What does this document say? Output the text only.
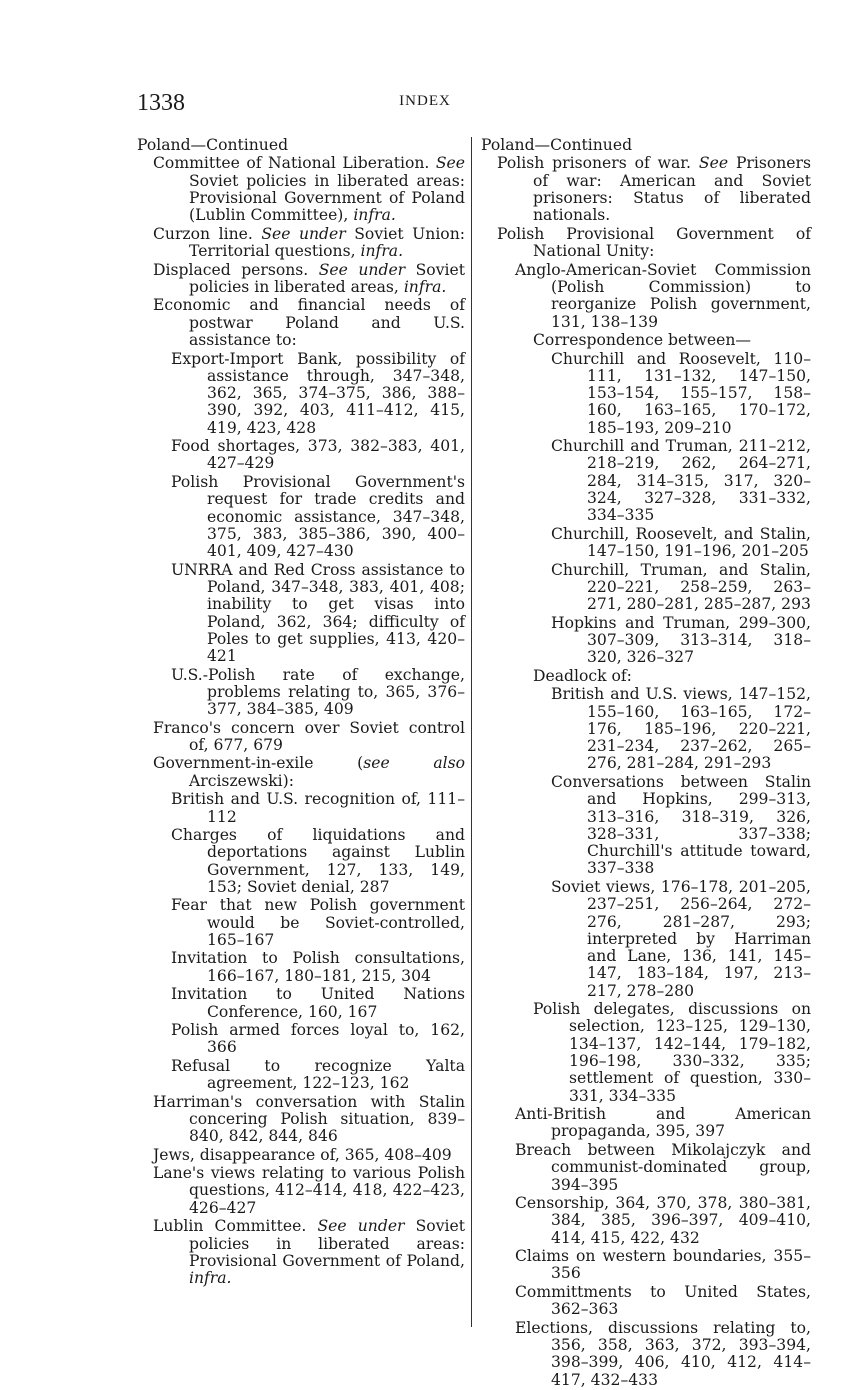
1338	INDEX
Poland—Continued
Committee of National Liberation. See Soviet policies in liberated areas: Provisional Government of Poland (Lublin Committee), infra.
Curzon line. See under Soviet Union: Territorial questions, infra.
Displaced persons. See under Soviet policies in liberated areas, infra.
Economic and financial needs of postwar Poland and U.S. assistance to:
Export-Import Bank, possibility of assistance through, 347–348, 362, 365, 374–375, 386, 388–390, 392, 403, 411–412, 415, 419, 423, 428
Food shortages, 373, 382–383, 401, 427–429
Polish Provisional Government's request for trade credits and economic assistance, 347–348, 375, 383, 385–386, 390, 400–401, 409, 427–430
UNRRA and Red Cross assistance to Poland, 347–348, 383, 401, 408; inability to get visas into Poland, 362, 364; difficulty of Poles to get supplies, 413, 420–421
U.S.-Polish rate of exchange, problems relating to, 365, 376–377, 384–385, 409
Franco's concern over Soviet control of, 677, 679
Government-in-exile (see also Arciszewski):
British and U.S. recognition of, 111–112
Charges of liquidations and deportations against Lublin Government, 127, 133, 149, 153; Soviet denial, 287
Fear that new Polish government would be Soviet-controlled, 165–167
Invitation to Polish consultations, 166–167, 180–181, 215, 304
Invitation to United Nations Conference, 160, 167
Polish armed forces loyal to, 162, 366
Refusal to recognize Yalta agreement, 122–123, 162
Harriman's conversation with Stalin concering Polish situation, 839–840, 842, 844, 846
Jews, disappearance of, 365, 408–409
Lane's views relating to various Polish questions, 412–414, 418, 422–423, 426–427
Lublin Committee. See under Soviet policies in liberated areas: Provisional Government of Poland, infra.
Poland—Continued
Polish prisoners of war. See Prisoners of war: American and Soviet prisoners: Status of liberated nationals.
Polish Provisional Government of National Unity:
Anglo-American-Soviet Commission (Polish Commission) to reorganize Polish government, 131, 138–139
Correspondence between—
Churchill and Roosevelt, 110–111, 131–132, 147–150, 153–154, 155–157, 158–160, 163–165, 170–172, 185–193, 209–210
Churchill and Truman, 211–212, 218–219, 262, 264–271, 284, 314–315, 317, 320–324, 327–328, 331–332, 334–335
Churchill, Roosevelt, and Stalin, 147–150, 191–196, 201–205
Churchill, Truman, and Stalin, 220–221, 258–259, 263–271, 280–281, 285–287, 293
Hopkins and Truman, 299–300, 307–309, 313–314, 318–320, 326–327
Deadlock of:
British and U.S. views, 147–152, 155–160, 163–165, 172–176, 185–196, 220–221, 231–234, 237–262, 265–276, 281–284, 291–293
Conversations between Stalin and Hopkins, 299–313, 313–316, 318–319, 326, 328–331, 337–338; Churchill's attitude toward, 337–338
Soviet views, 176–178, 201–205, 237–251, 256–264, 272–276, 281–287, 293; interpreted by Harriman and Lane, 136, 141, 145–147, 183–184, 197, 213–217, 278–280
Polish delegates, discussions on selection, 123–125, 129–130, 134–137, 142–144, 179–182, 196–198, 330–332, 335; settlement of question, 330–331, 334–335
Anti-British and American propaganda, 395, 397
Breach between Mikolajczyk and communist-dominated group, 394–395
Censorship, 364, 370, 378, 380–381, 384, 385, 396–397, 409–410, 414, 415, 422, 432
Claims on western boundaries, 355–356
Committments to United States, 362–363
Elections, discussions relating to, 356, 358, 363, 372, 393–394, 398–399, 406, 410, 412, 414–417, 432–433
